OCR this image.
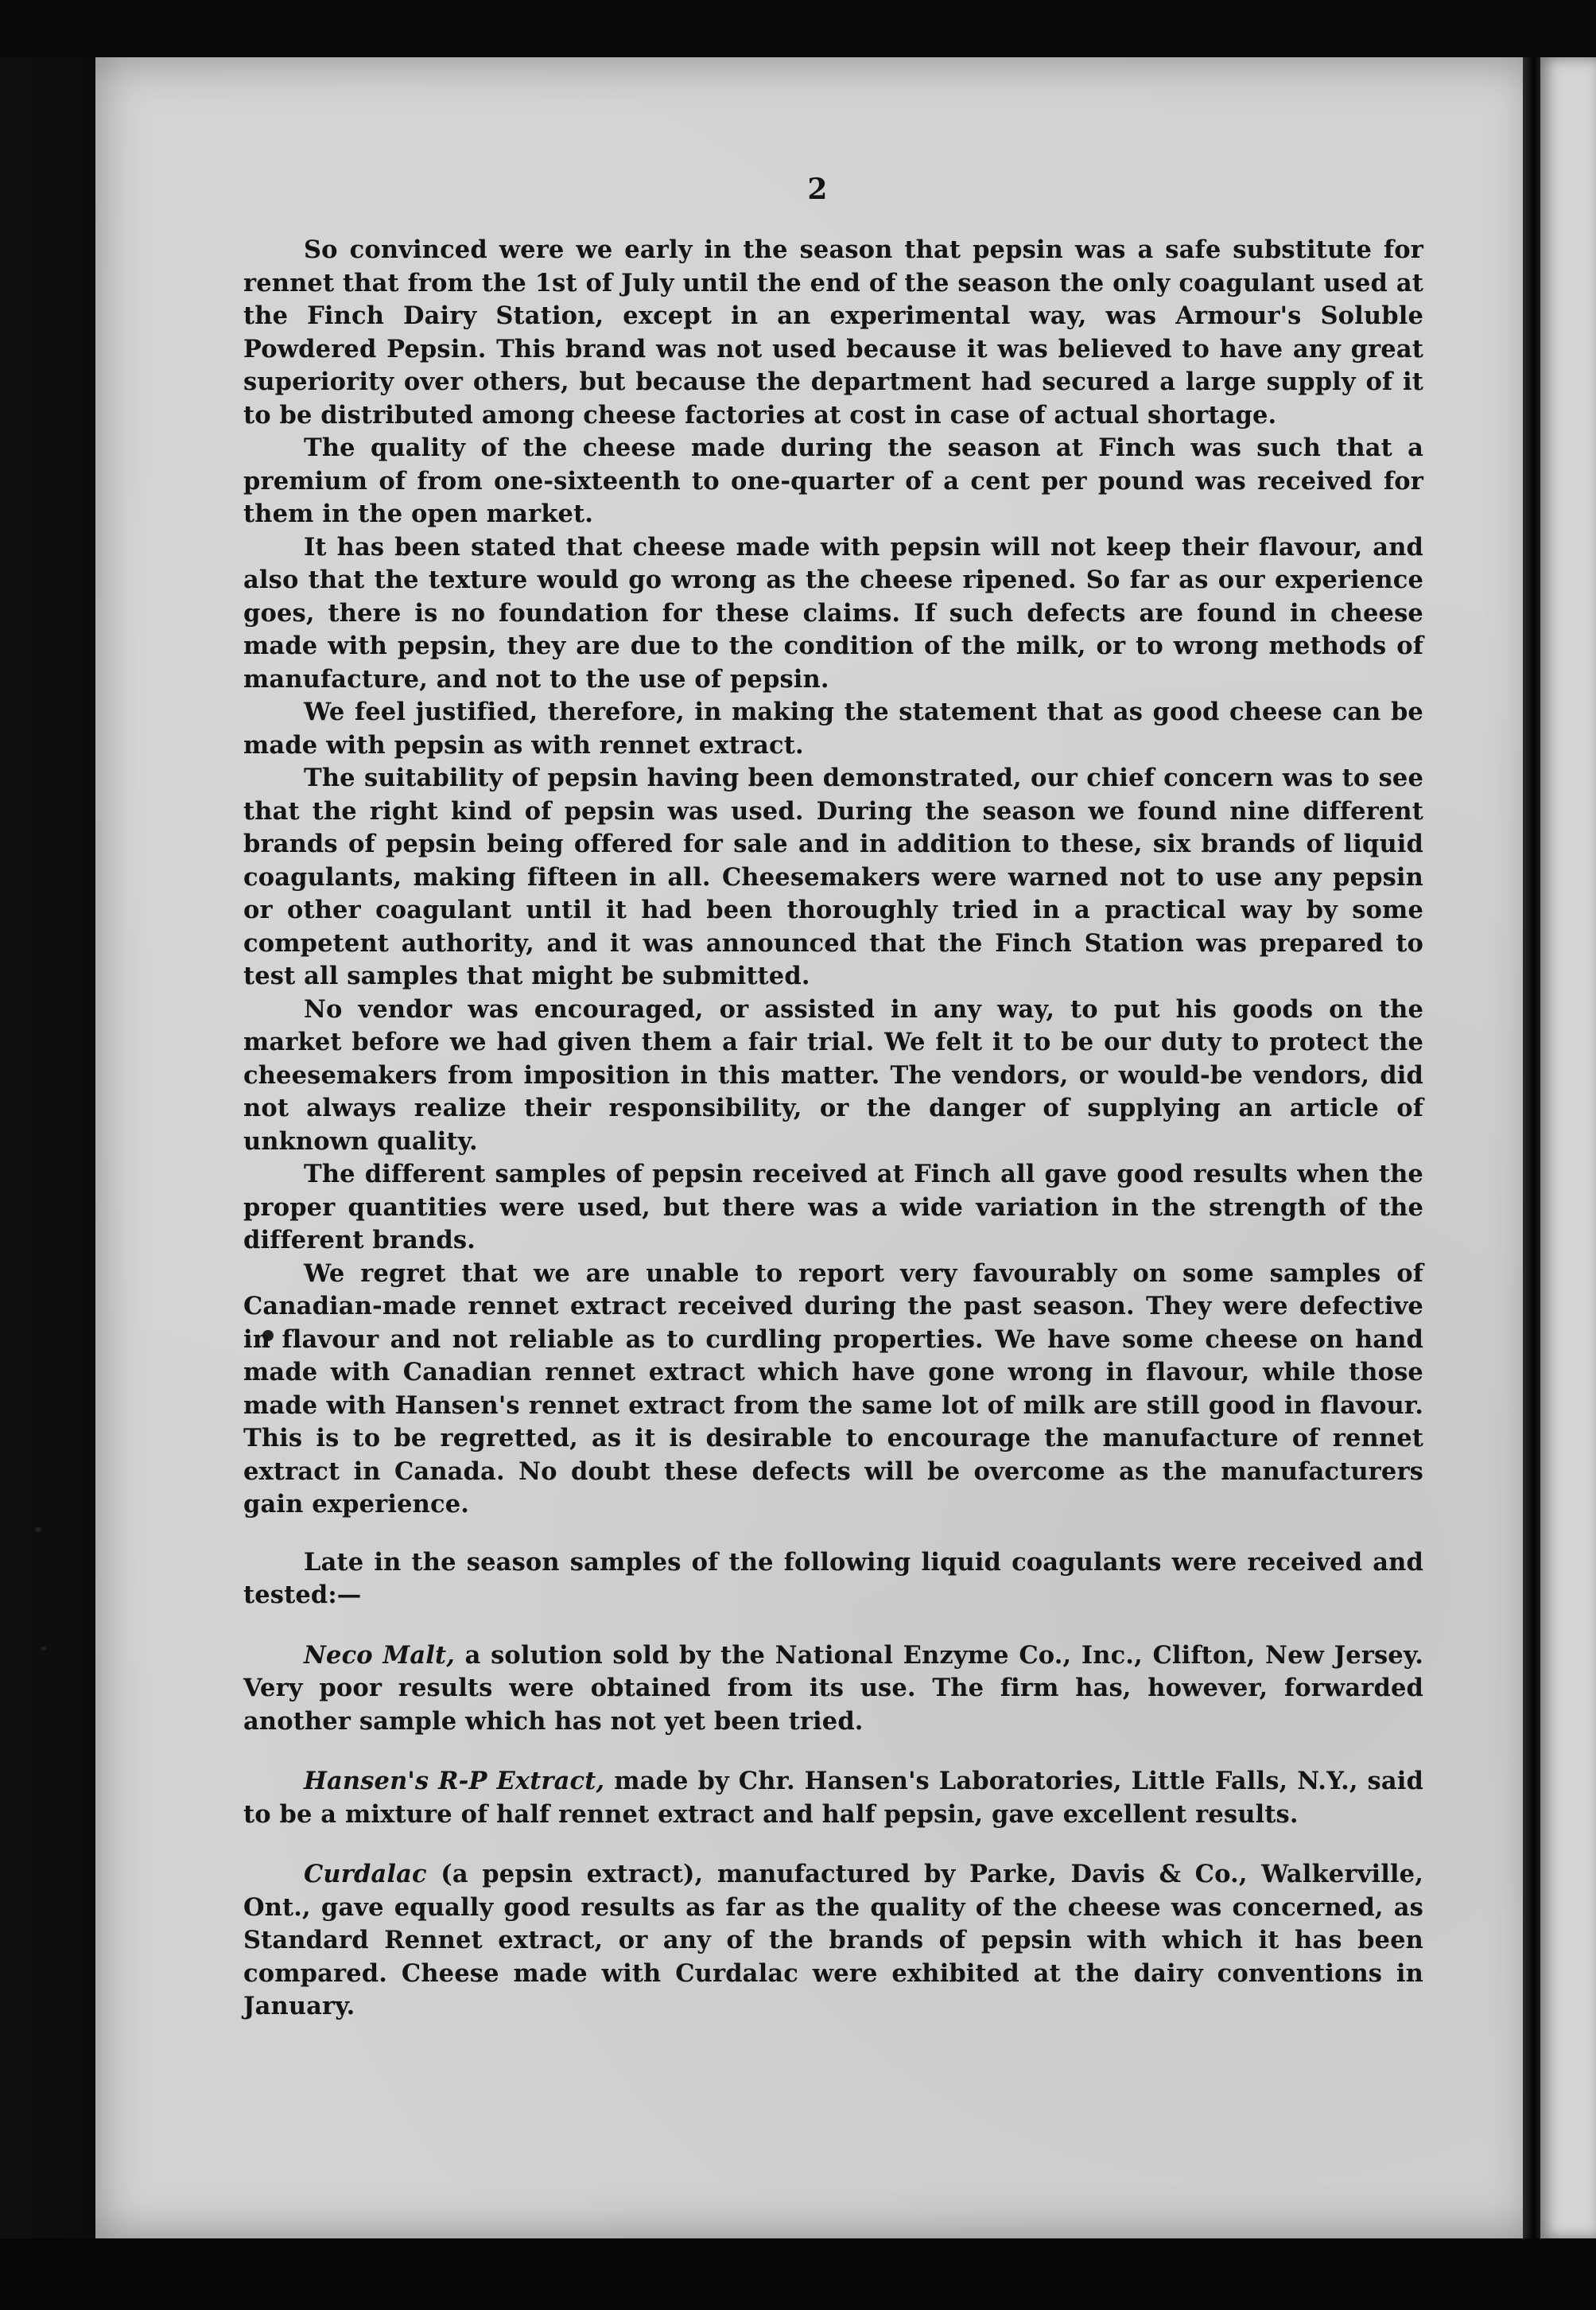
2

So convinced were we early in the season that pepsin was a safe substitute for rennet that from the 1st of July until the end of the season the only coagulant used at the Finch Dairy Station, except in an experimental way, was Armour's Soluble Powdered Pepsin. This brand was not used because it was believed to have any great superiority over others, but because the department had secured a large supply of it to be distributed among cheese factories at cost in case of actual shortage.

The quality of the cheese made during the season at Finch was such that a premium of from one-sixteenth to one-quarter of a cent per pound was received for them in the open market.

It has been stated that cheese made with pepsin will not keep their flavour, and also that the texture would go wrong as the cheese ripened. So far as our experience goes, there is no foundation for these claims. If such defects are found in cheese made with pepsin, they are due to the condition of the milk, or to wrong methods of manufacture, and not to the use of pepsin.

We feel justified, therefore, in making the statement that as good cheese can be made with pepsin as with rennet extract.

The suitability of pepsin having been demonstrated, our chief concern was to see that the right kind of pepsin was used. During the season we found nine different brands of pepsin being offered for sale and in addition to these, six brands of liquid coagulants, making fifteen in all. Cheesemakers were warned not to use any pepsin or other coagulant until it had been thoroughly tried in a practical way by some competent authority, and it was announced that the Finch Station was prepared to test all samples that might be submitted.

No vendor was encouraged, or assisted in any way, to put his goods on the market before we had given them a fair trial. We felt it to be our duty to protect the cheesemakers from imposition in this matter. The vendors, or would-be vendors, did not always realize their responsibility, or the danger of supplying an article of unknown quality.

The different samples of pepsin received at Finch all gave good results when the proper quantities were used, but there was a wide variation in the strength of the different brands.

We regret that we are unable to report very favourably on some samples of Canadian-made rennet extract received during the past season. They were defective in flavour and not reliable as to curdling properties. We have some cheese on hand made with Canadian rennet extract which have gone wrong in flavour, while those made with Hansen's rennet extract from the same lot of milk are still good in flavour. This is to be regretted, as it is desirable to encourage the manufacture of rennet extract in Canada. No doubt these defects will be overcome as the manufacturers gain experience.

Late in the season samples of the following liquid coagulants were received and tested:—

Neco Malt, a solution sold by the National Enzyme Co., Inc., Clifton, New Jersey. Very poor results were obtained from its use. The firm has, however, forwarded another sample which has not yet been tried.

Hansen's R-P Extract, made by Chr. Hansen's Laboratories, Little Falls, N.Y., said to be a mixture of half rennet extract and half pepsin, gave excellent results.

Curdalac (a pepsin extract), manufactured by Parke, Davis & Co., Walkerville, Ont., gave equally good results as far as the quality of the cheese was concerned, as Standard Rennet extract, or any of the brands of pepsin with which it has been compared. Cheese made with Curdalac were exhibited at the dairy conventions in January.
